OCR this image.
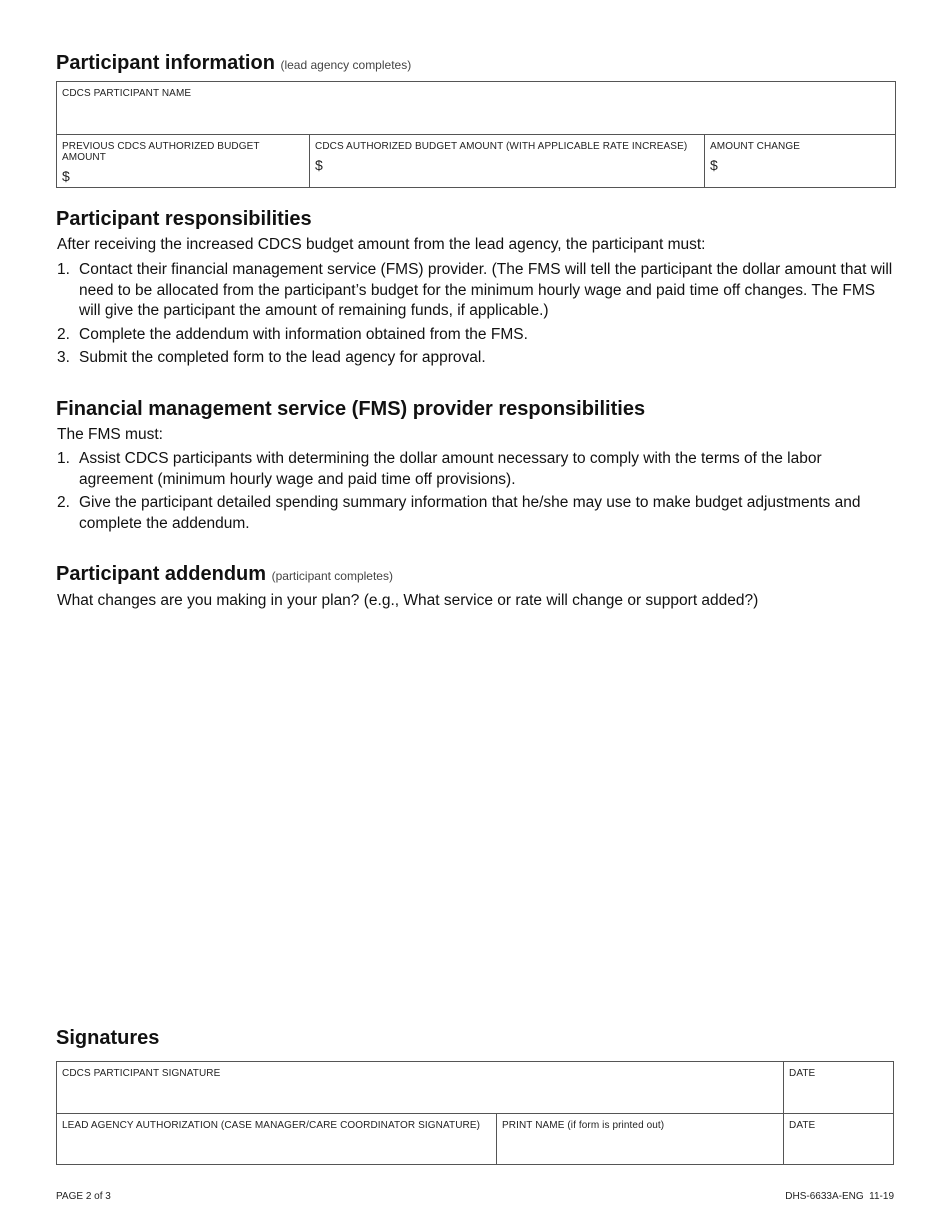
Participant information (lead agency completes)
CDCS PARTICIPANT NAME

PREVIOUS CDCS AUTHORIZED BUDGET AMOUNT
$

CDCS AUTHORIZED BUDGET AMOUNT (WITH APPLICABLE RATE INCREASE)
$

AMOUNT CHANGE
$
Participant responsibilities

After receiving the increased CDCS budget amount from the lead agency, the participant must:

1. Contact their financial management service (FMS) provider. (The FMS will tell the participant the dollar amount that will need to be allocated from the participant’s budget for the minimum hourly wage and paid time off changes. The FMS will give the participant the amount of remaining funds, if applicable.)
2. Complete the addendum with information obtained from the FMS.
3. Submit the completed form to the lead agency for approval.
Financial management service (FMS) provider responsibilities

The FMS must:

1. Assist CDCS participants with determining the dollar amount necessary to comply with the terms of the labor agreement (minimum hourly wage and paid time off provisions).
2. Give the participant detailed spending summary information that he/she may use to make budget adjustments and complete the addendum.
Participant addendum (participant completes)

What changes are you making in your plan? (e.g., What service or rate will change or support added?)

Signatures
CDCS PARTICIPANT SIGNATURE		DATE

LEAD AGENCY AUTHORIZATION (CASE MANAGER/CARE COORDINATOR SIGNATURE)	PRINT NAME (if form is printed out)	DATE
PAGE 2 of 3	DHS-6633A-ENG  11-19
